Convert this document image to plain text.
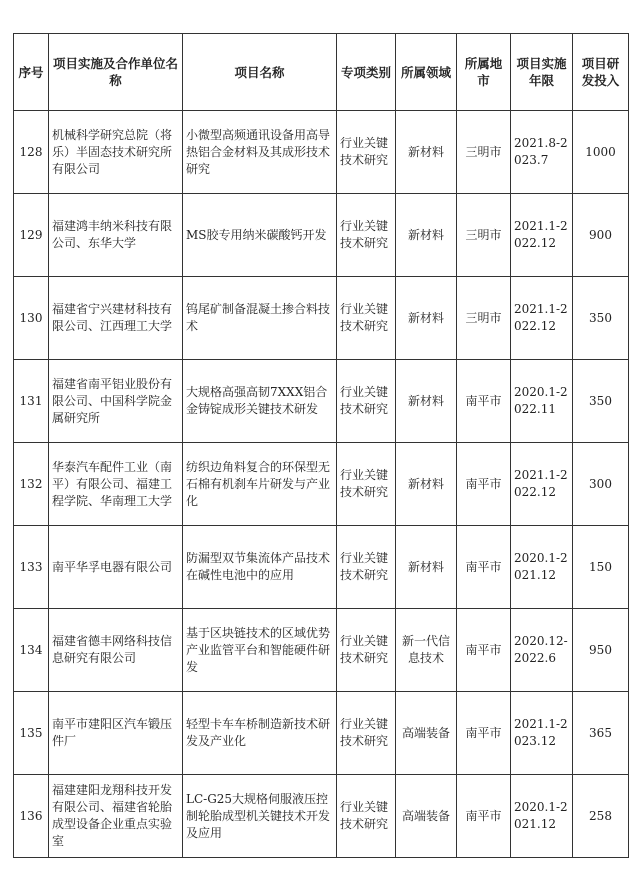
序号	项目实施及合作单位名称	项目名称	专项类别	所属领域	所属地市	项目实施年限	项目研发投入
128	机械科学研究总院（将乐）半固态技术研究所有限公司	小微型高频通讯设备用高导热铝合金材料及其成形技术研究	行业关键技术研究	新材料	三明市	2021.8-2023.7	1000
129	福建鸿丰纳米科技有限公司、东华大学	MS胶专用纳米碳酸钙开发	行业关键技术研究	新材料	三明市	2021.1-2022.12	900
130	福建省宁兴建材科技有限公司、江西理工大学	钨尾矿制备混凝土掺合料技术	行业关键技术研究	新材料	三明市	2021.1-2022.12	350
131	福建省南平铝业股份有限公司、中国科学院金属研究所	大规格高强高韧7XXX铝合金铸锭成形关键技术研发	行业关键技术研究	新材料	南平市	2020.1-2022.11	350
132	华泰汽车配件工业（南平）有限公司、福建工程学院、华南理工大学	纺织边角料复合的环保型无石棉有机刹车片研发与产业化	行业关键技术研究	新材料	南平市	2021.1-2022.12	300
133	南平华孚电器有限公司	防漏型双节集流体产品技术在碱性电池中的应用	行业关键技术研究	新材料	南平市	2020.1-2021.12	150
134	福建省德丰网络科技信息研究有限公司	基于区块链技术的区域优势产业监管平台和智能硬件研发	行业关键技术研究	新一代信息技术	南平市	2020.12-2022.6	950
135	南平市建阳区汽车锻压件厂	轻型卡车车桥制造新技术研发及产业化	行业关键技术研究	高端装备	南平市	2021.1-2023.12	365
136	福建建阳龙翔科技开发有限公司、福建省轮胎成型设备企业重点实验室	LC-G25大规格伺服液压控制轮胎成型机关键技术开发及应用	行业关键技术研究	高端装备	南平市	2020.1-2021.12	258
